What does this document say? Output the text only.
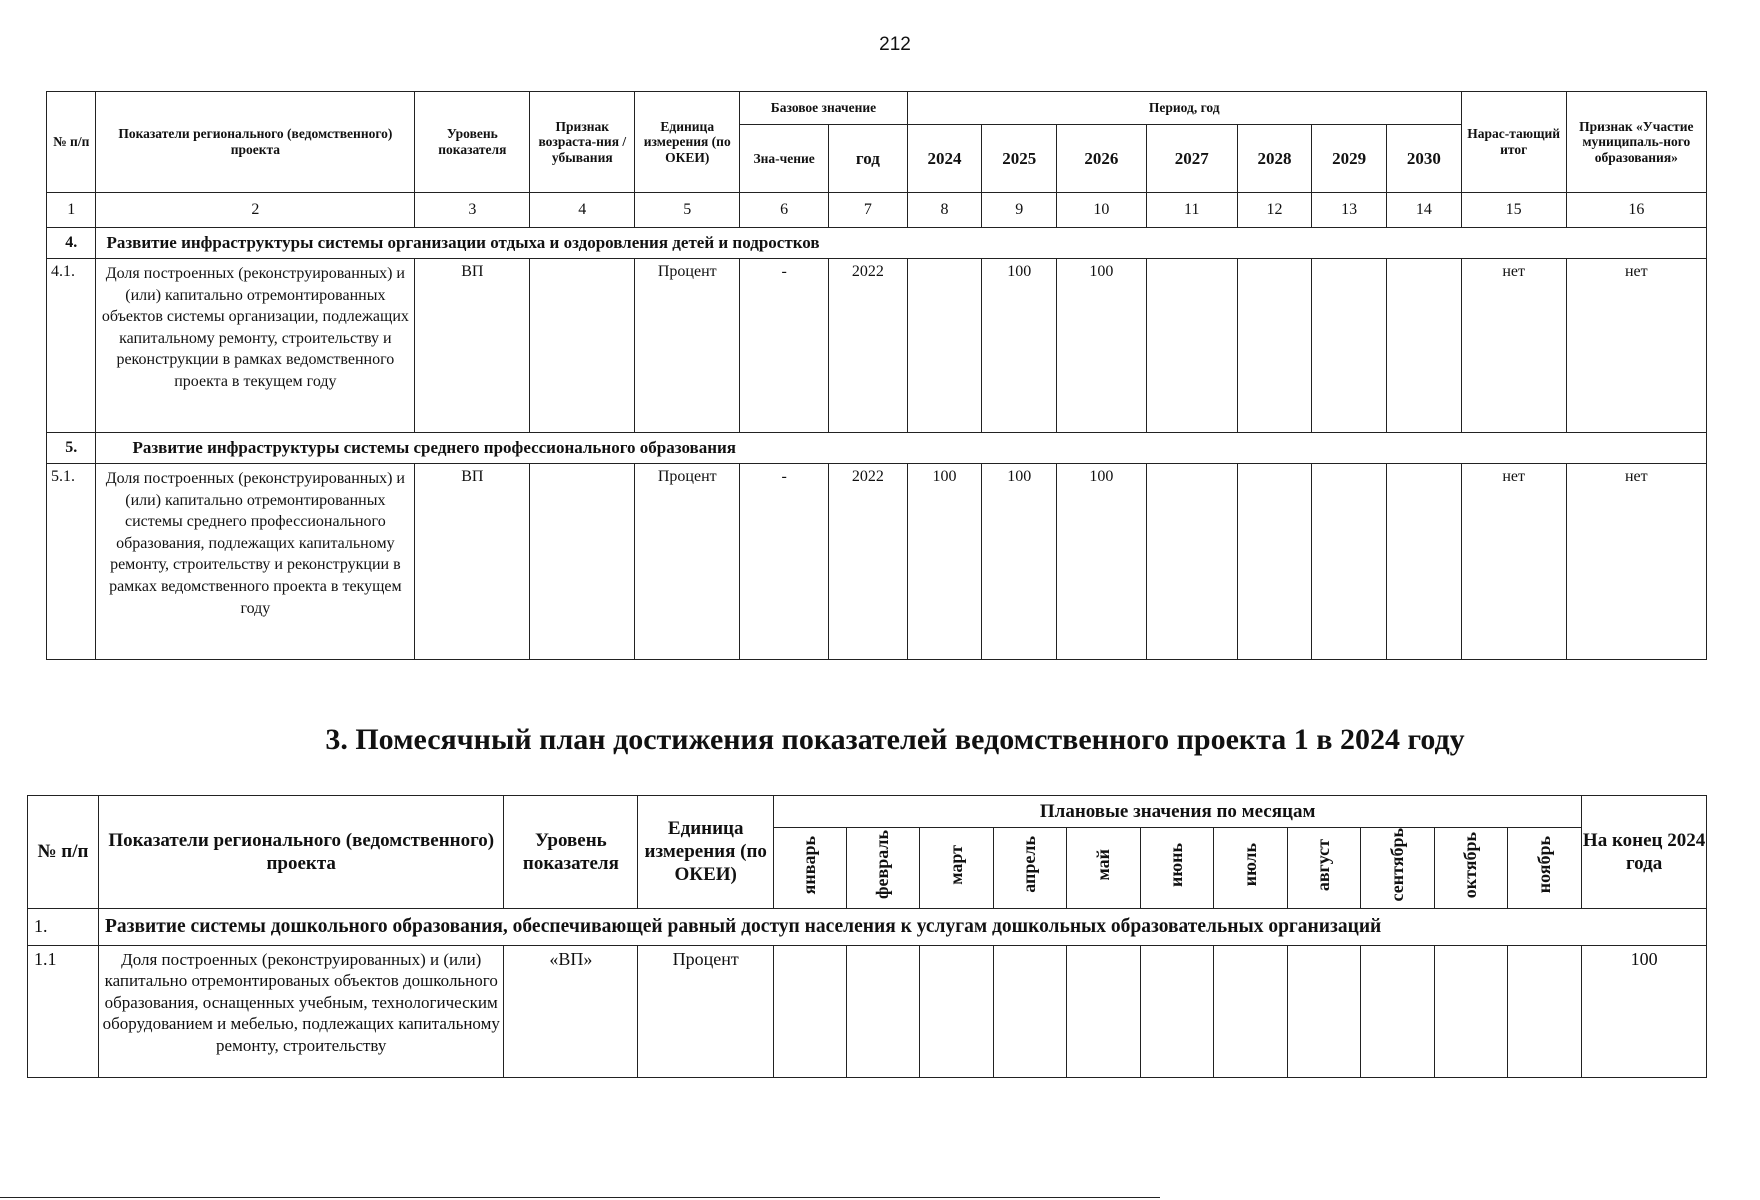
212
№ п/п	Показатели регионального (ведомственного) проекта	Уровень показателя	Признак возраста-ния / убывания	Единица измерения (по ОКЕИ)	Базовое значение		Период, год							Нарас-тающий итог	Признак «Участие муниципаль-ного образования»
					Зна-чение	год	2024	2025	2026	2027	2028	2029	2030		
1	2	3	4	5	6	7	8	9	10	11	12	13	14	15	16
4.	Развитие инфраструктуры системы организации отдыха и оздоровления детей и подростков														
4.1.	Доля построенных (реконструированных) и (или) капитально отремонтированных объектов системы организации, подлежащих капитальному ремонту, строительству и реконструкции в рамках ведомственного проекта в текущем году	ВП		Процент	-	2022		100	100					нет	нет
5.	Развитие инфраструктуры системы среднего профессионального образования														
5.1.	Доля построенных (реконструированных) и (или) капитально отремонтированных системы среднего профессионального образования, подлежащих капитальному ремонту, строительству и реконструкции в рамках ведомственного проекта в текущем году	ВП		Процент	-	2022	100	100	100					нет	нет
3. Помесячный план достижения показателей ведомственного проекта 1 в 2024 году
№ п/п	Показатели регионального (ведомственного) проекта	Уровень показателя	Единица измерения (по ОКЕИ)	Плановые значения по месяцам											На конец 2024 года
				январь	февраль	март	апрель	май	июнь	июль	август	сентябрь	октябрь	ноябрь	
1.	Развитие системы дошкольного образования, обеспечивающей равный доступ населения к услугам дошкольных образовательных организаций														
1.1	Доля построенных (реконструированных) и (или) капитально отремонтированых объектов дошкольного образования, оснащенных учебным, технологическим оборудованием и мебелью, подлежащих капитальному ремонту, строительству	«ВП»	Процент												100
